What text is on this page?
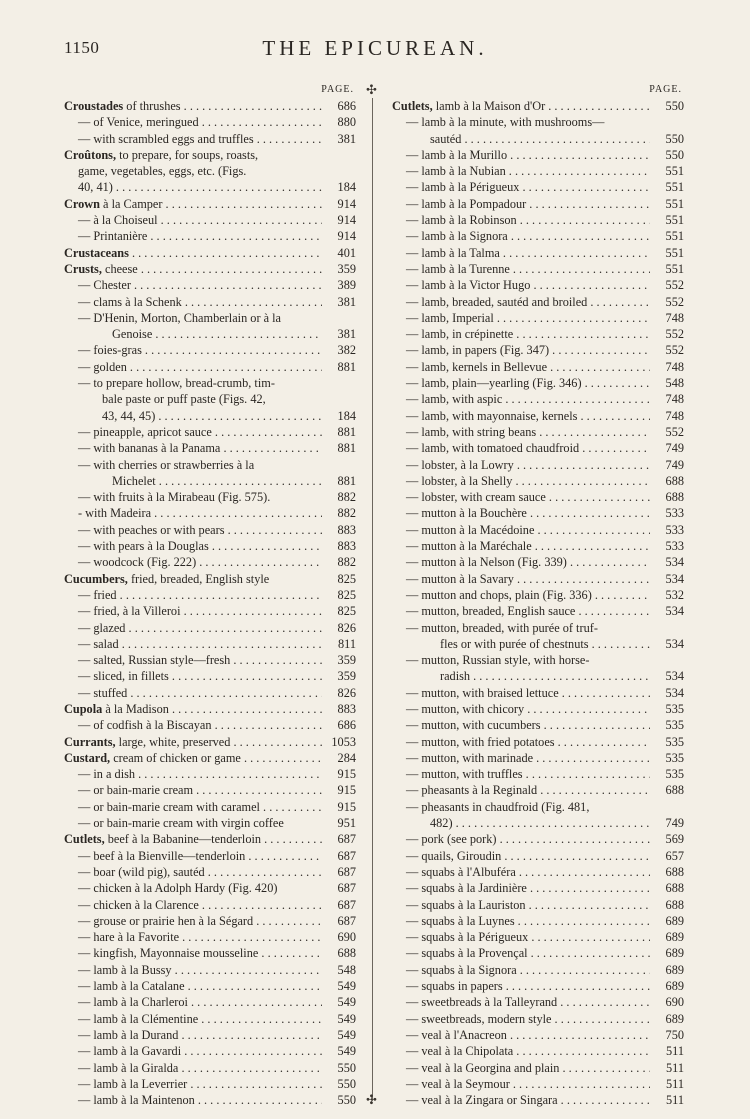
1150	THE EPICUREAN.
PAGE.
Croustades of thrushes . . .	686
— of Venice, meringued . . .	880
— with scrambled eggs and truffles . . .	381
Croûtons, to prepare, for soups, roasts,
game, vegetables, eggs, etc. (Figs.
40, 41) . . .	184
Crown à la Camper . . .	914
— à la Choiseul . . .	914
— Printanière . . .	914
Crustaceans . . .	401
Crusts, cheese . . .	359
— Chester . . .	389
— clams à la Schenk . . .	381
— D'Henin, Morton, Chamberlain or à la
Genoise . . .	381
— foies-gras . . .	382
— golden . . .	881
— to prepare hollow, bread-crumb, tim-
bale paste or puff paste (Figs. 42,
43, 44, 45) . . .	184
— pineapple, apricot sauce . . .	881
— with bananas à la Panama . . .	881
— with cherries or strawberries à la
Michelet . . .	881
— with fruits à la Mirabeau (Fig. 575).	882
- with Madeira . . .	882
— with peaches or with pears . . .	883
— with pears à la Douglas . . .	883
— woodcock (Fig. 222) . . .	882
Cucumbers, fried, breaded, English style	825
— fried . . .	825
— fried, à la Villeroi . . .	825
— glazed . . .	826
— salad . . .	811
— salted, Russian style—fresh . . .	359
— sliced, in fillets . . .	359
— stuffed . . .	826
Cupola à la Madison . . .	883
— of codfish à la Biscayan . . .	686
Currants, large, white, preserved . . .	1053
Custard, cream of chicken or game . . .	284
— in a dish . . .	915
— or bain-marie cream . . .	915
— or bain-marie cream with caramel . . .	915
— or bain-marie cream with virgin coffee	951
Cutlets, beef à la Babanine—tenderloin . . .	687
— beef à la Bienville—tenderloin . . .	687
— boar (wild pig), sautéd . . .	687
— chicken à la Adolph Hardy (Fig. 420)	687
— chicken à la Clarence . . .	687
— grouse or prairie hen à la Ségard . . .	687
— hare à la Favorite . . .	690
— kingfish, Mayonnaise mousseline . . .	688
— lamb à la Bussy . . .	548
— lamb à la Catalane . . .	549
— lamb à la Charleroi . . .	549
— lamb à la Clémentine . . .	549
— lamb à la Durand . . .	549
— lamb à la Gavardi . . .	549
— lamb à la Giralda . . .	550
— lamb à la Leverrier . . .	550
— lamb à la Maintenon . . .	550
✣
✣
PAGE.
Cutlets, lamb à la Maison d'Or . . .	550
— lamb à la minute, with mushrooms—
sautéd . . .	550
— lamb à la Murillo . . .	550
— lamb à la Nubian . . .	551
— lamb à la Périgueux . . .	551
— lamb à la Pompadour . . .	551
— lamb à la Robinson . . .	551
— lamb à la Signora . . .	551
— lamb à la Talma . . .	551
— lamb à la Turenne . . .	551
— lamb à la Victor Hugo . . .	552
— lamb, breaded, sautéd and broiled . . .	552
— lamb, Imperial . . .	748
— lamb, in crépinette . . .	552
— lamb, in papers (Fig. 347) . . .	552
— lamb, kernels in Bellevue . . .	748
— lamb, plain—yearling (Fig. 346) . . .	548
— lamb, with aspic . . .	748
— lamb, with mayonnaise, kernels . . .	748
— lamb, with string beans . . .	552
— lamb, with tomatoed chaudfroid . . .	749
— lobster, à la Lowry . . .	749
— lobster, à la Shelly . . .	688
— lobster, with cream sauce . . .	688
— mutton à la Bouchère . . .	533
— mutton à la Macédoine . . .	533
— mutton à la Maréchale . . .	533
— mutton à la Nelson (Fig. 339) . . .	534
— mutton à la Savary . . .	534
— mutton and chops, plain (Fig. 336) . . .	532
— mutton, breaded, English sauce . . .	534
— mutton, breaded, with purée of truf-
fles or with purée of chestnuts . . .	534
— mutton, Russian style, with horse-
radish . . .	534
— mutton, with braised lettuce . . .	534
— mutton, with chicory . . .	535
— mutton, with cucumbers . . .	535
— mutton, with fried potatoes . . .	535
— mutton, with marinade . . .	535
— mutton, with truffles . . .	535
— pheasants à la Reginald . . .	688
— pheasants in chaudfroid (Fig. 481,
482) . . .	749
— pork (see pork) . . .	569
— quails, Giroudin . . .	657
— squabs à l'Albuféra . . .	688
— squabs à la Jardinière . . .	688
— squabs à la Lauriston . . .	688
— squabs à la Luynes . . .	689
— squabs à la Périgueux . . .	689
— squabs à la Provençal . . .	689
— squabs à la Signora . . .	689
— squabs in papers . . .	689
— sweetbreads à la Talleyrand . . .	690
— sweetbreads, modern style . . .	689
— veal à l'Anacreon . . .	750
— veal à la Chipolata . . .	511
— veal à la Georgina and plain . . .	511
— veal à la Seymour . . .	511
— veal à la Zingara or Singara . . .	511
